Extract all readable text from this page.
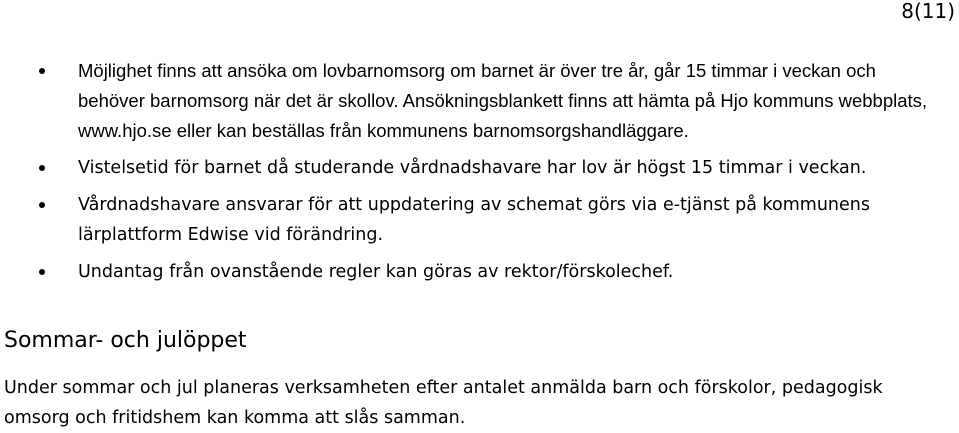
8(11)
Möjlighet finns att ansöka om lovbarnomsorg om barnet är över tre år, går 15 timmar i veckan och behöver barnomsorg när det är skollov. Ansökningsblankett finns att hämta på Hjo kommuns webbplats, www.hjo.se eller kan beställas från kommunens barnomsorgshandläggare.
Vistelsetid för barnet då studerande vårdnadshavare har lov är högst 15 timmar i veckan.
Vårdnadshavare ansvarar för att uppdatering av schemat görs via e-tjänst på kommunens lärplattform Edwise vid förändring.
Undantag från ovanstående regler kan göras av rektor/förskolechef.
Sommar- och julöppet

Under sommar och jul planeras verksamheten efter antalet anmälda barn och förskolor, pedagogisk omsorg och fritidshem kan komma att slås samman.
